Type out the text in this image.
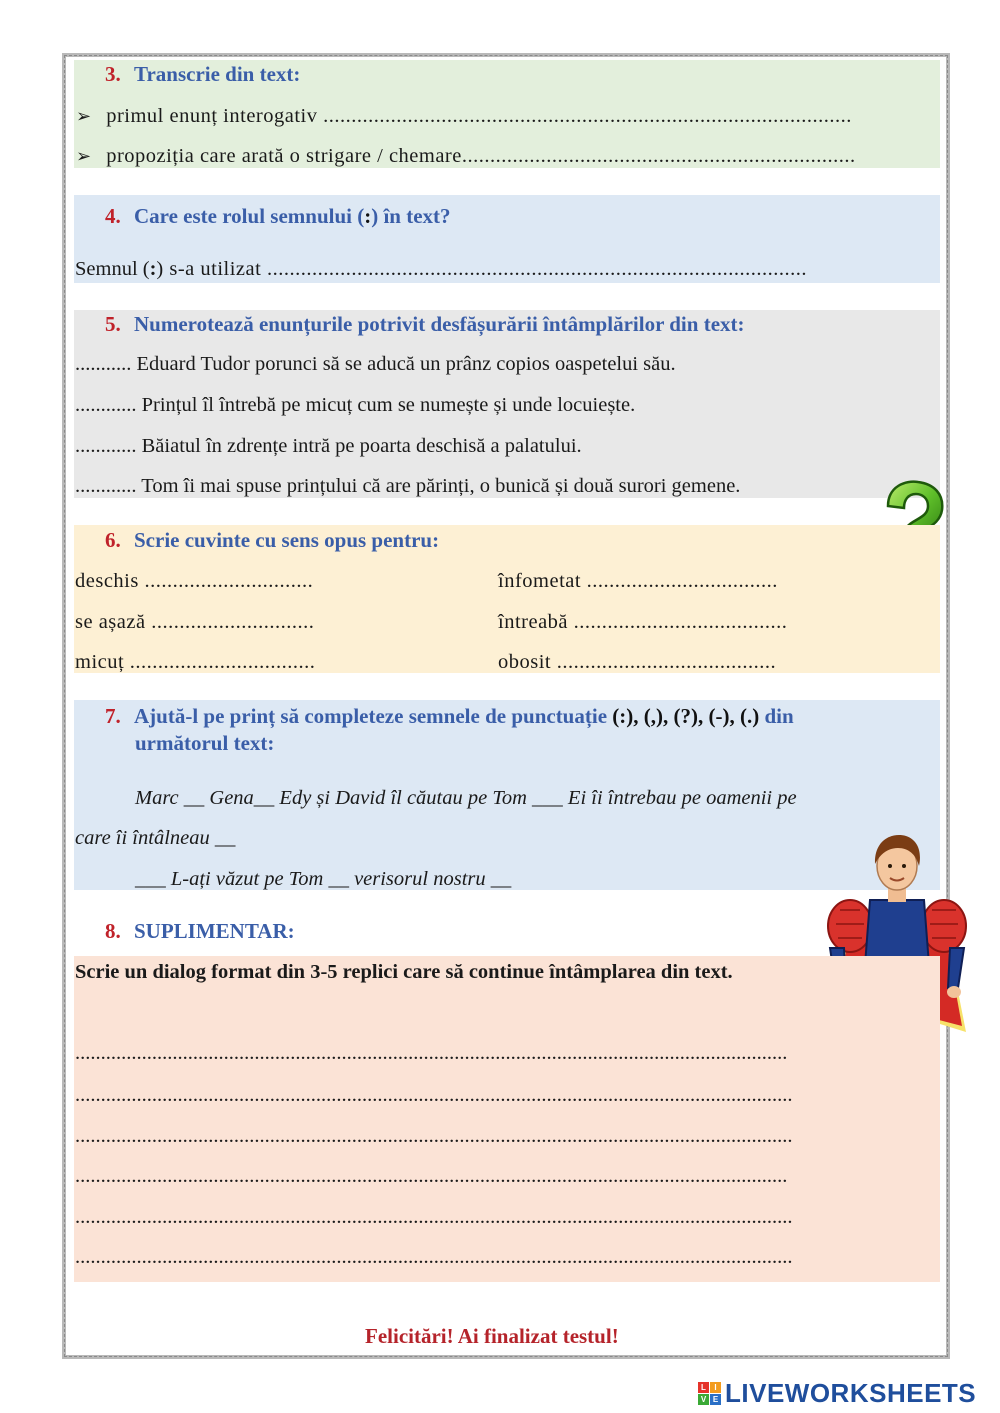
3. Transcrie din text:
➢ primul enunț interogativ ..............................................................................................
➢ propoziția care arată o strigare / chemare......................................................................
4. Care este rolul semnului (:) în text?
Semnul (:) s-a utilizat ................................................................................................
5. Numerotează enunțurile potrivit desfășurării întâmplărilor din text:
........... Eduard Tudor porunci să se aducă un prânz copios oaspetelui său.
............ Prințul îl întrebă pe micuț cum se numește și unde locuiește.
............ Băiatul în zdrențe intră pe poarta deschisă a palatului.
............ Tom îi mai spuse prințului că are părinți, o bunică și două surori gemene.
6. Scrie cuvinte cu sens opus pentru:
deschis ..............................
se așază .............................
micuț .................................
înfometat ..................................
întreabă ......................................
obosit .......................................
7. Ajută-l pe prinț să completeze semnele de punctuație (:), (,), (?), (-), (.) din
următorul text:
Marc __ Gena__ Edy și David îl căutau pe Tom ___ Ei îi întrebau pe oamenii pe
care îi întâlneau __
___ L-ați văzut pe Tom __ verisorul nostru __
8. SUPLIMENTAR:
Scrie un dialog format din 3-5 replici care să continue întâmplarea din text.
...........................................................................................................................................
............................................................................................................................................
............................................................................................................................................
...........................................................................................................................................
............................................................................................................................................
............................................................................................................................................
Felicitări! Ai finalizat testul!
L	I
V E LIVEWORKSHEETS
